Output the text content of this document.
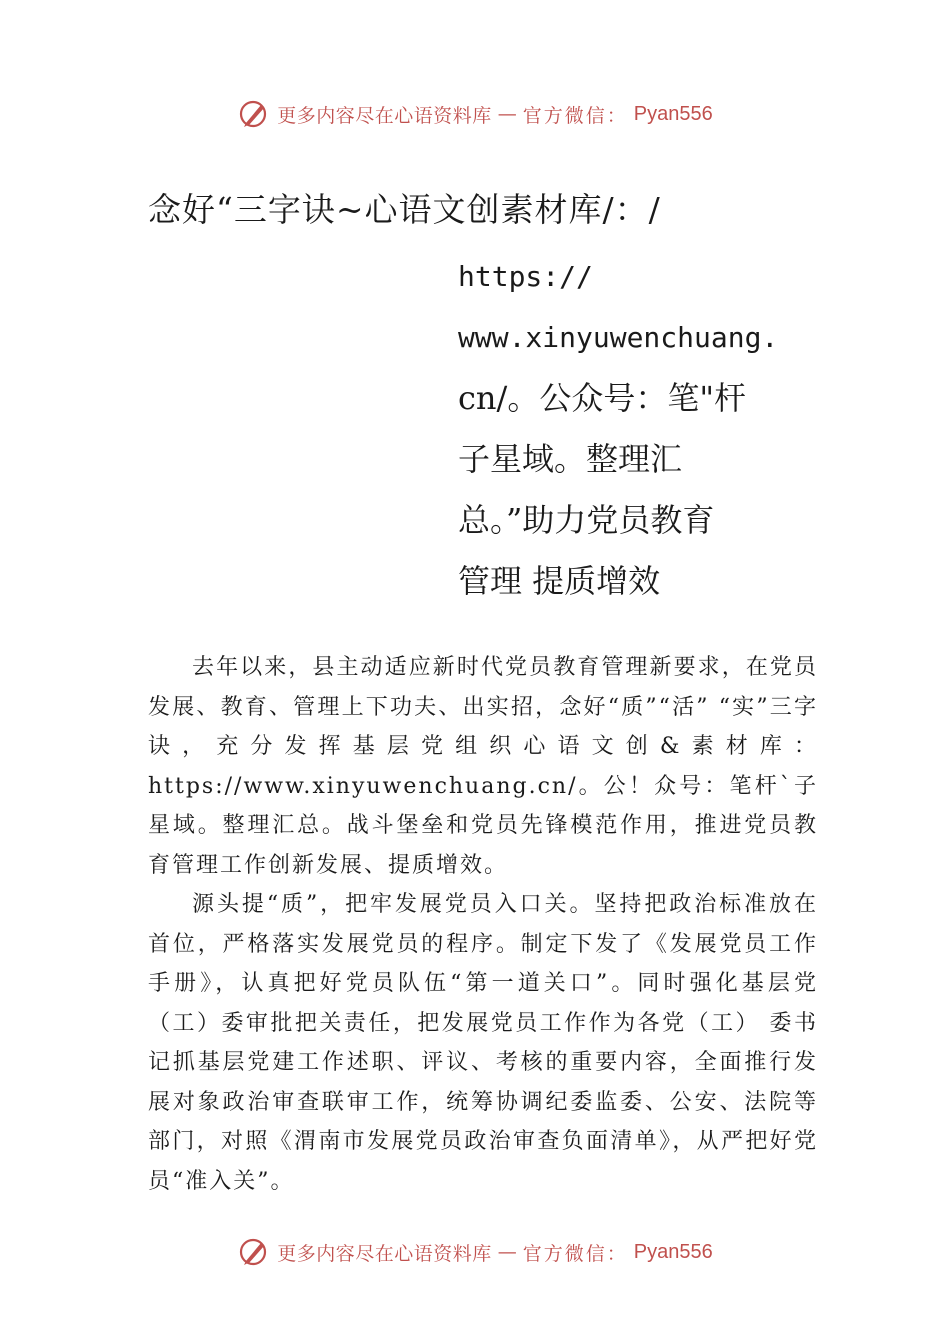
更多内容尽在心语资料库 — 官方微信： Pyan556
念好“三字诀~心语文创素材库/：/
https://
www.xinyuwenchuang.
cn/。公众号：笔"杆
子星域。整理汇
总。”助力党员教育
管理 提质增效

去年以来，县主动适应新时代党员教育管理新要求，在党员发展、教育、管理上下功夫、出实招，念好“质”“活” “实”三字诀，充分发挥基层党组织心语文创&素材库：https://www.xinyuwenchuang.cn/。公！众号：笔杆`子星域。整理汇总。战斗堡垒和党员先锋模范作用，推进党员教育管理工作创新发展、提质增效。

源头提“质”，把牢发展党员入口关。坚持把政治标准放在首位，严格落实发展党员的程序。制定下发了《发展党员工作手册》，认真把好党员队伍“第一道关口”。同时强化基层党（工）委审批把关责任，把发展党员工作作为各党（工） 委书记抓基层党建工作述职、评议、考核的重要内容，全面推行发展对象政治审查联审工作，统筹协调纪委监委、公安、法院等部门，对照《渭南市发展党员政治审查负面清单》，从严把好党员“准入关”。

更多内容尽在心语资料库 — 官方微信： Pyan556
